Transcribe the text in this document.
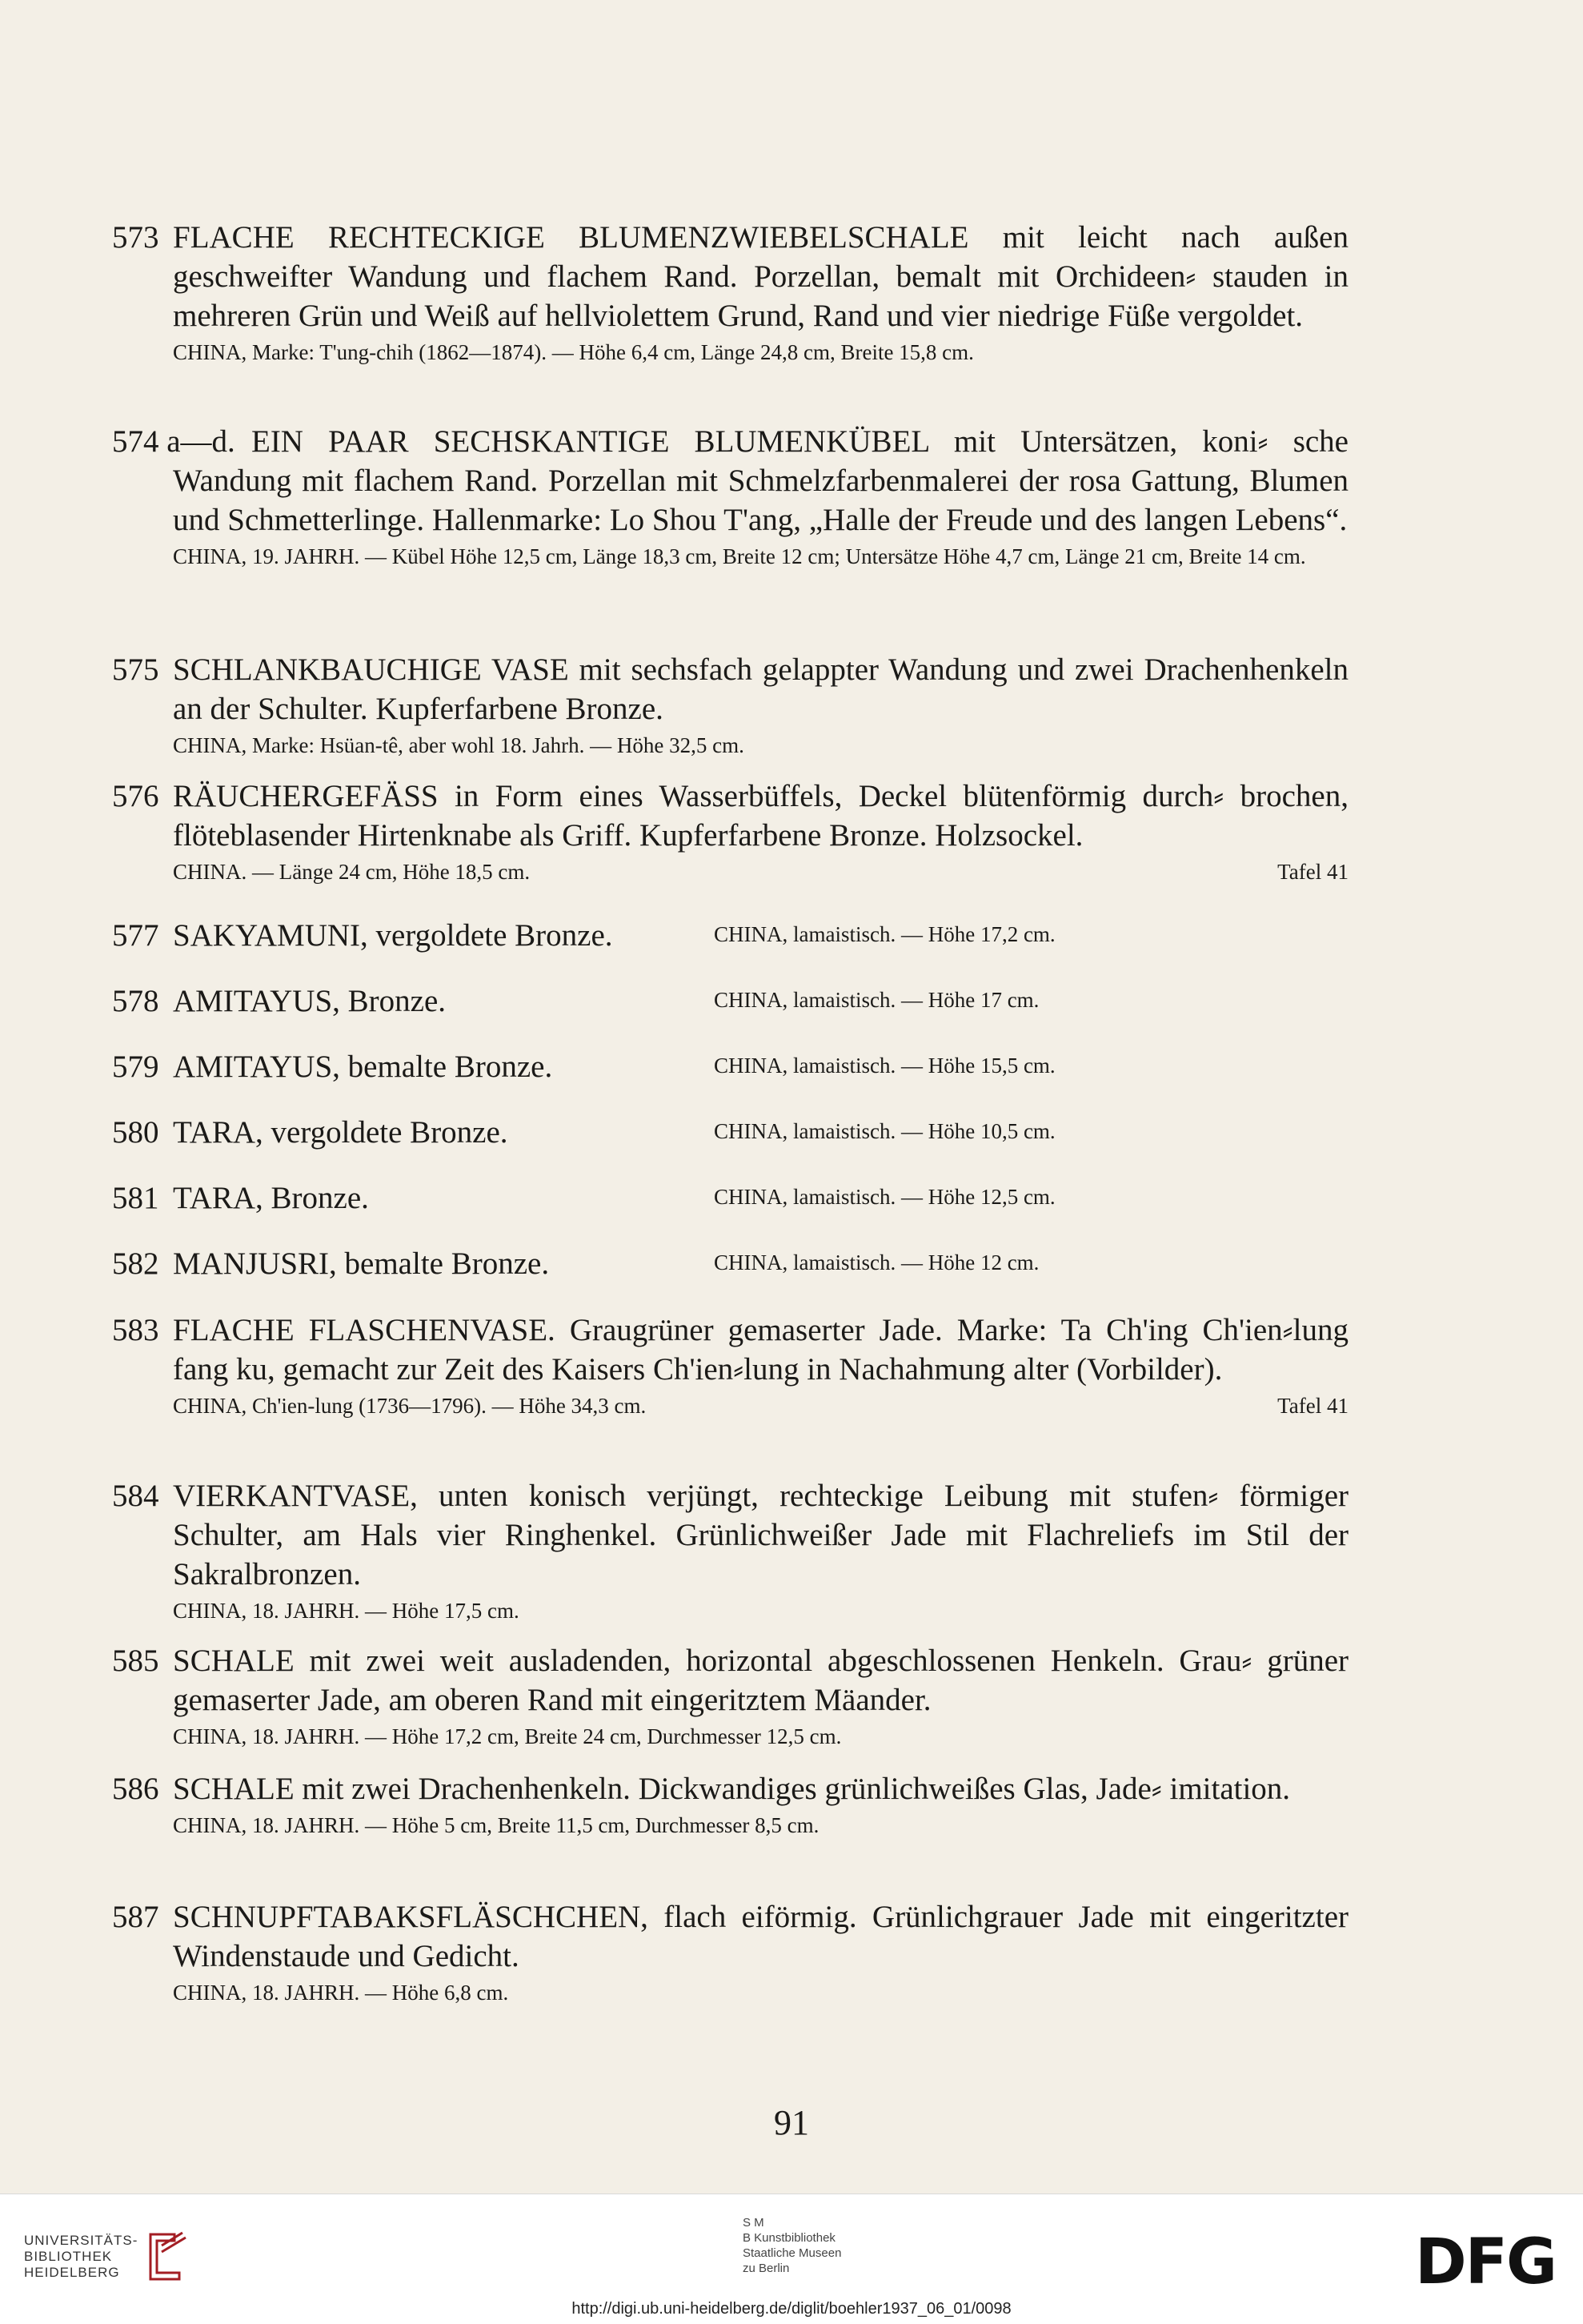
573 FLACHE RECHTECKIGE BLUMENZWIEBELSCHALE mit leicht nach außen geschweifter Wandung und flachem Rand. Porzellan, bemalt mit Orchideen⸗ stauden in mehreren Grün und Weiß auf hellviolettem Grund, Rand und vier niedrige Füße vergoldet.
CHINA, Marke: T'ung-chih (1862—1874). — Höhe 6,4 cm, Länge 24,8 cm, Breite 15,8 cm.
574 a—d. EIN PAAR SECHSKANTIGE BLUMENKÜBEL mit Untersätzen, koni⸗ sche Wandung mit flachem Rand. Porzellan mit Schmelzfarbenmalerei der rosa Gattung, Blumen und Schmetterlinge. Hallenmarke: Lo Shou T'ang, „Halle der Freude und des langen Lebens“.
CHINA, 19. JAHRH. — Kübel Höhe 12,5 cm, Länge 18,3 cm, Breite 12 cm; Untersätze Höhe 4,7 cm, Länge 21 cm, Breite 14 cm.
575 SCHLANKBAUCHIGE VASE mit sechsfach gelappter Wandung und zwei Drachenhenkeln an der Schulter. Kupferfarbene Bronze.
CHINA, Marke: Hsüan-tê, aber wohl 18. Jahrh. — Höhe 32,5 cm.
576 RÄUCHERGEFÄSS in Form eines Wasserbüffels, Deckel blütenförmig durch⸗ brochen, flöteblasender Hirtenknabe als Griff. Kupferfarbene Bronze. Holzsockel.
Tafel 41
CHINA. — Länge 24 cm, Höhe 18,5 cm.
577 SAKYAMUNI, vergoldete Bronze.	CHINA, lamaistisch. — Höhe 17,2 cm.
578 AMITAYUS, Bronze.	CHINA, lamaistisch. — Höhe 17 cm.
579 AMITAYUS, bemalte Bronze.	CHINA, lamaistisch. — Höhe 15,5 cm.
580 TARA, vergoldete Bronze.	CHINA, lamaistisch. — Höhe 10,5 cm.
581 TARA, Bronze.	CHINA, lamaistisch. — Höhe 12,5 cm.
582 MANJUSRI, bemalte Bronze.	CHINA, lamaistisch. — Höhe 12 cm.
583 FLACHE FLASCHENVASE. Graugrüner gemaserter Jade. Marke: Ta Ch'ing Ch'ien⸗lung fang ku, gemacht zur Zeit des Kaisers Ch'ien⸗lung in Nachahmung alter (Vorbilder).
Tafel 41
CHINA, Ch'ien-lung (1736—1796). — Höhe 34,3 cm.
584 VIERKANTVASE, unten konisch verjüngt, rechteckige Leibung mit stufen⸗ förmiger Schulter, am Hals vier Ringhenkel. Grünlichweißer Jade mit Flachreliefs im Stil der Sakralbronzen.
CHINA, 18. JAHRH. — Höhe 17,5 cm.
585 SCHALE mit zwei weit ausladenden, horizontal abgeschlossenen Henkeln. Grau⸗ grüner gemaserter Jade, am oberen Rand mit eingeritztem Mäander.
CHINA, 18. JAHRH. — Höhe 17,2 cm, Breite 24 cm, Durchmesser 12,5 cm.
586 SCHALE mit zwei Drachenhenkeln. Dickwandiges grünlichweißes Glas, Jade⸗ imitation.
CHINA, 18. JAHRH. — Höhe 5 cm, Breite 11,5 cm, Durchmesser 8,5 cm.
587 SCHNUPFTABAKSFLÄSCHCHEN, flach eiförmig. Grünlichgrauer Jade mit eingeritzter Windenstaude und Gedicht.
CHINA, 18. JAHRH. — Höhe 6,8 cm.
91
UNIVERSITÄTS-
BIBLIOTHEK
HEIDELBERG
S M
B Kunstbibliothek
Staatliche Museen
zu Berlin	DFG
http://digi.ub.uni-heidelberg.de/diglit/boehler1937_06_01/0098
